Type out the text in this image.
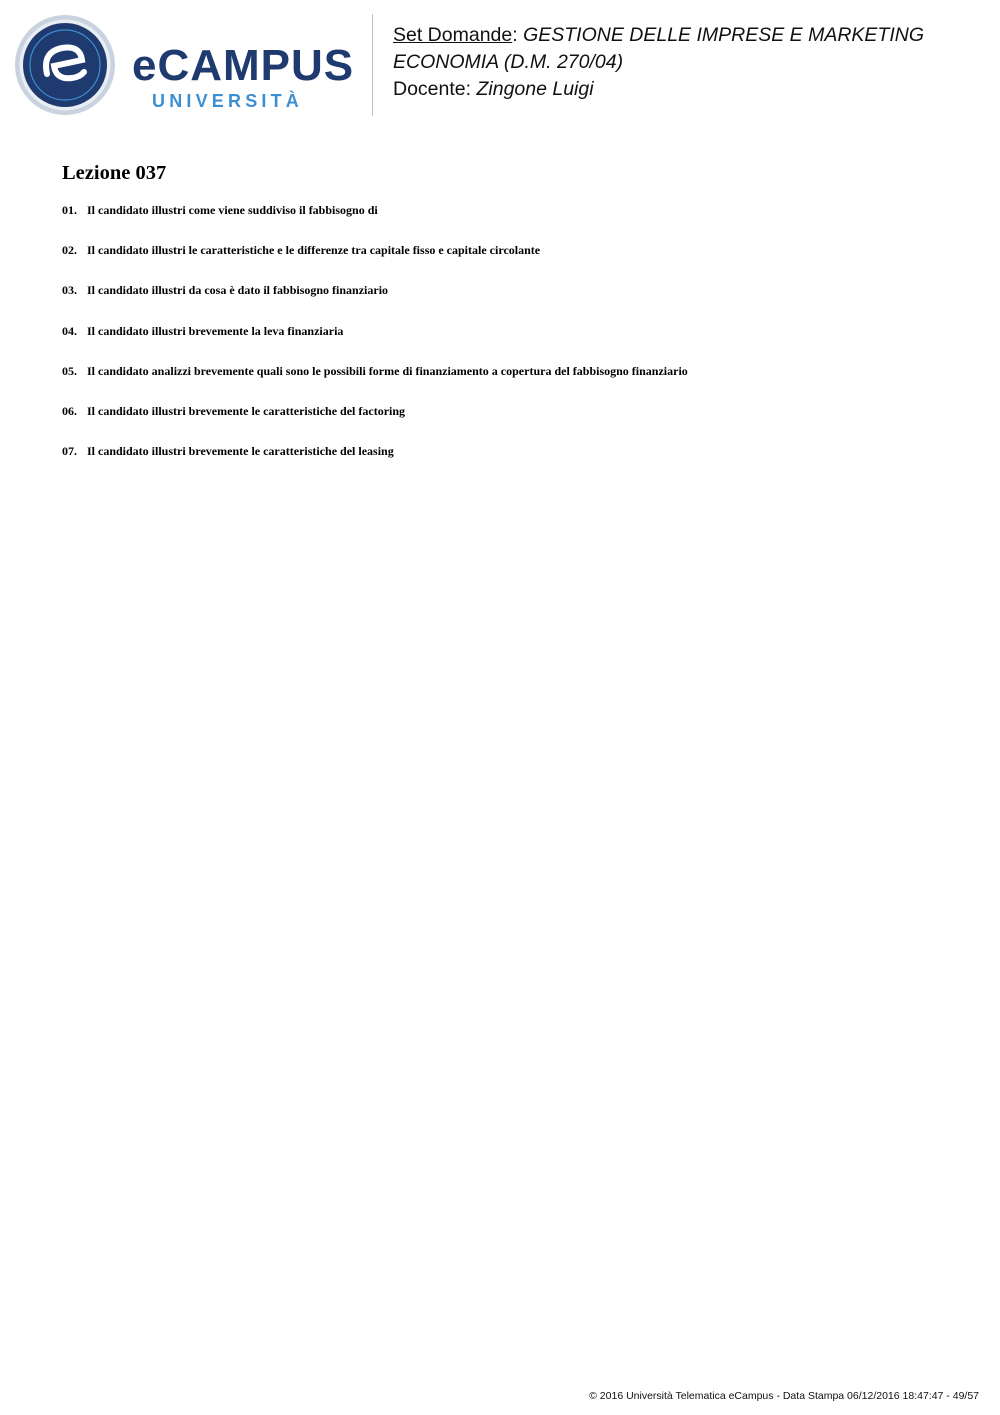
eCAMPUS
UNIVERSITÀ
Set Domande: GESTIONE DELLE IMPRESE E MARKETING ECONOMIA (D.M. 270/04)
Docente: Zingone Luigi
Lezione 037
01. Il candidato illustri come viene suddiviso il fabbisogno di
02. Il candidato illustri le caratteristiche e le differenze tra capitale fisso e capitale circolante
03. Il candidato illustri da cosa è dato il fabbisogno finanziario
04. Il candidato illustri brevemente la leva finanziaria
05. Il candidato analizzi brevemente quali sono le possibili forme di finanziamento a copertura del fabbisogno finanziario
06. Il candidato illustri brevemente le caratteristiche del factoring
07. Il candidato illustri brevemente le caratteristiche del leasing
© 2016 Università Telematica eCampus - Data Stampa 06/12/2016 18:47:47 - 49/57
